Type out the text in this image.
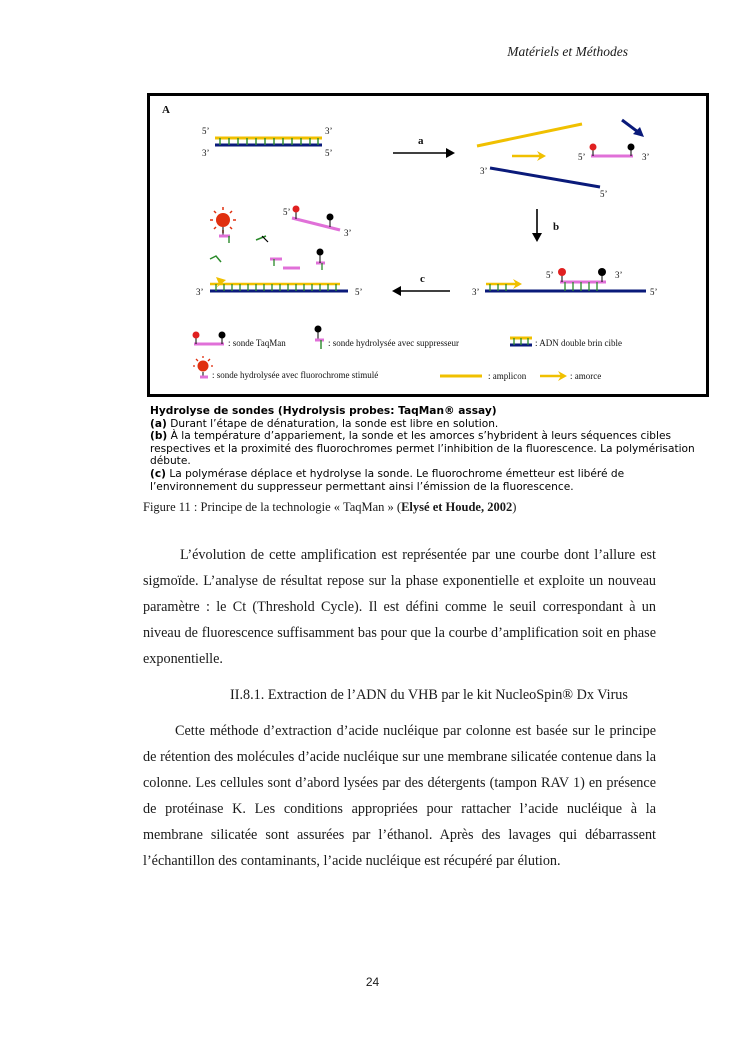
Matériels et Méthodes
A
5’	3’
3’	5’
a
5’	3’
3’
5’
b
3’	5’
5’	3’
c
3’	5’
5’
3’
: sonde TaqMan	: sonde hydrolysée avec suppresseur	: ADN double brin cible
: sonde hydrolysée avec fluorochrome stimulé	: amplicon	: amorce
Hydrolyse de sondes (Hydrolysis probes: TaqMan® assay)
(a) Durant l’étape de dénaturation, la sonde est libre en solution.
(b) À la température d’appariement, la sonde et les amorces s’hybrident à leurs séquences cibles respectives et la proximité des fluorochromes permet l’inhibition de la fluorescence. La polymérisation débute.
(c) La polymérase déplace et hydrolyse la sonde. Le fluorochrome émetteur est libéré de l’environnement du suppresseur permettant ainsi l’émission de la fluorescence.
Figure 11 : Principe de la technologie « TaqMan » (Elysé et Houde, 2002)

L’évolution de cette amplification est représentée par une courbe dont l’allure est sigmoïde. L’analyse de résultat repose sur la phase exponentielle et exploite un nouveau paramètre : le Ct (Threshold Cycle). Il est défini comme le seuil correspondant à un niveau de fluorescence suffisamment bas pour que la courbe d’amplification soit en phase exponentielle.

II.8.1. Extraction de l’ADN du VHB par le kit NucleoSpin® Dx Virus

Cette méthode d’extraction d’acide nucléique par colonne est basée sur le principe de rétention des molécules d’acide nucléique sur une membrane silicatée contenue dans la colonne. Les cellules sont d’abord lysées par des détergents (tampon RAV 1) en présence de protéinase K. Les conditions appropriées pour rattacher l’acide nucléique à la membrane silicatée sont assurées par l’éthanol. Après des lavages qui débarrassent l’échantillon des contaminants, l’acide nucléique est récupéré par élution.

24
